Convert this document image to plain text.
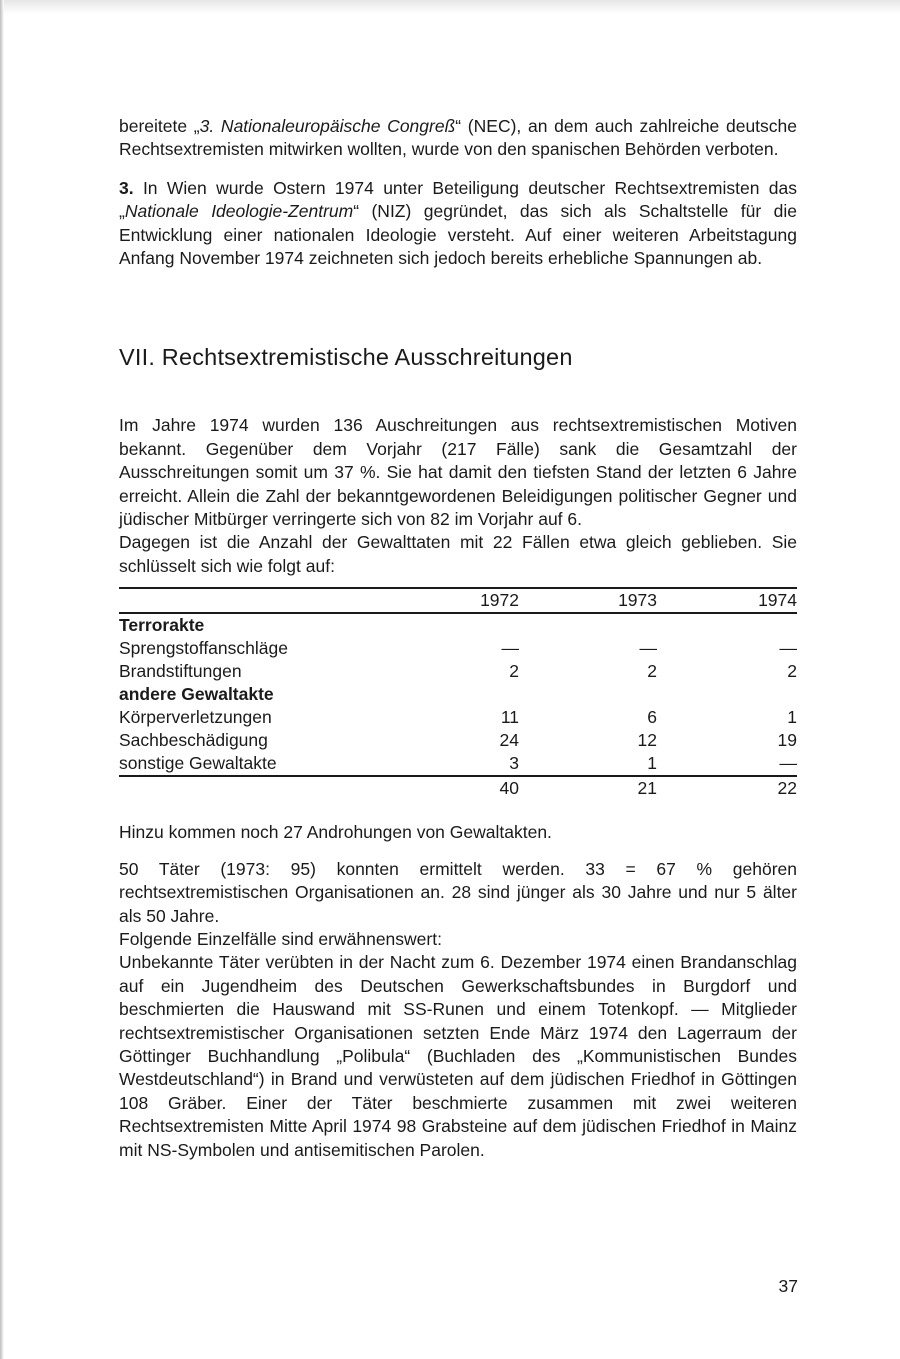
bereitete „3. Nationaleuropäische Congreß“ (NEC), an dem auch zahlreiche deutsche Rechtsextremisten mitwirken wollten, wurde von den spanischen Behörden verboten.

3. In Wien wurde Ostern 1974 unter Beteiligung deutscher Rechtsextremisten das „Nationale Ideologie-Zentrum“ (NIZ) gegründet, das sich als Schaltstelle für die Entwicklung einer nationalen Ideologie versteht. Auf einer weiteren Arbeitstagung Anfang November 1974 zeichneten sich jedoch bereits erhebliche Spannungen ab.

VII. Rechtsextremistische Ausschreitungen

Im Jahre 1974 wurden 136 Auschreitungen aus rechtsextremistischen Motiven bekannt. Gegenüber dem Vorjahr (217 Fälle) sank die Gesamtzahl der Ausschreitungen somit um 37 %. Sie hat damit den tiefsten Stand der letzten 6 Jahre erreicht. Allein die Zahl der bekanntgewordenen Beleidigungen politischer Gegner und jüdischer Mitbürger verringerte sich von 82 im Vorjahr auf 6.

Dagegen ist die Anzahl der Gewalttaten mit 22 Fällen etwa gleich geblieben. Sie schlüsselt sich wie folgt auf:

	1972	1973	1974
Terrorakte			
Sprengstoffanschläge	—	—	—
Brandstiftungen	2	2	2
andere Gewaltakte			
Körperverletzungen	11	6	1
Sachbeschädigung	24	12	19
sonstige Gewaltakte	3	1	—
	40	21	22

Hinzu kommen noch 27 Androhungen von Gewaltakten.

50 Täter (1973: 95) konnten ermittelt werden. 33 = 67 % gehören rechtsextremistischen Organisationen an. 28 sind jünger als 30 Jahre und nur 5 älter als 50 Jahre.

Folgende Einzelfälle sind erwähnenswert:

Unbekannte Täter verübten in der Nacht zum 6. Dezember 1974 einen Brandanschlag auf ein Jugendheim des Deutschen Gewerkschaftsbundes in Burgdorf und beschmierten die Hauswand mit SS-Runen und einem Totenkopf. — Mitglieder rechtsextremistischer Organisationen setzten Ende März 1974 den Lagerraum der Göttinger Buchhandlung „Polibula“ (Buchladen des „Kommunistischen Bundes Westdeutschland“) in Brand und verwüsteten auf dem jüdischen Friedhof in Göttingen 108 Gräber. Einer der Täter beschmierte zusammen mit zwei weiteren Rechtsextremisten Mitte April 1974 98 Grabsteine auf dem jüdischen Friedhof in Mainz mit NS-Symbolen und antisemitischen Parolen.

37
